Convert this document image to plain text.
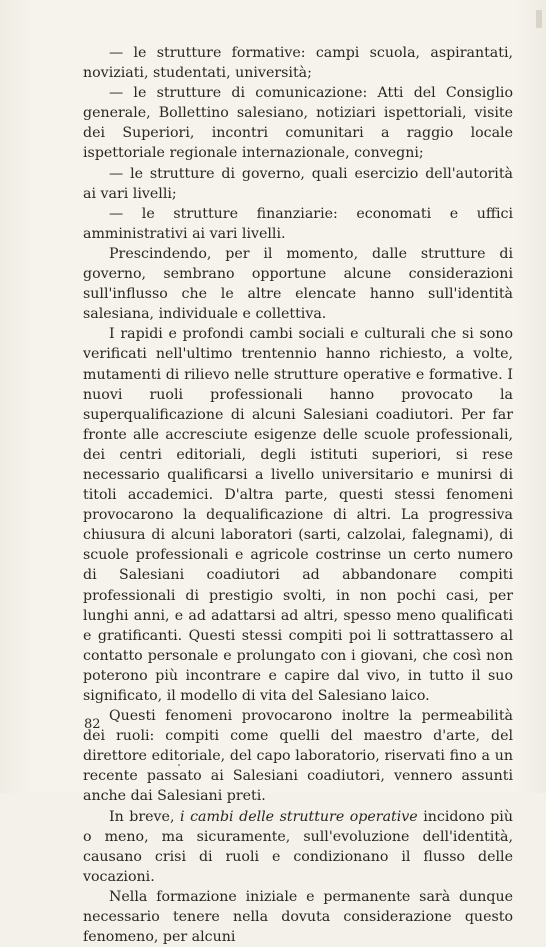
— le strutture formative: campi scuola, aspirantati, noviziati, studentati, università;

— le strutture di comunicazione: Atti del Consiglio generale, Bollettino salesiano, notiziari ispettoriali, visite dei Superiori, incontri comunitari a raggio locale ispettoriale regionale internazionale, convegni;

— le strutture di governo, quali esercizio dell'autorità ai vari livelli;

— le strutture finanziarie: economati e uffici amministrativi ai vari livelli.

Prescindendo, per il momento, dalle strutture di governo, sembrano opportune alcune considerazioni sull'influsso che le altre elencate hanno sull'identità salesiana, individuale e collettiva.

I rapidi e profondi cambi sociali e culturali che si sono verificati nell'ultimo trentennio hanno richiesto, a volte, mutamenti di rilievo nelle strutture operative e formative. I nuovi ruoli professionali hanno provocato la superqualificazione di alcuni Salesiani coadiutori. Per far fronte alle accresciute esigenze delle scuole professionali, dei centri editoriali, degli istituti superiori, si rese necessario qualificarsi a livello universitario e munirsi di titoli accademici. D'altra parte, questi stessi fenomeni provocarono la dequalificazione di altri. La progressiva chiusura di alcuni laboratori (sarti, calzolai, falegnami), di scuole professionali e agricole costrinse un certo numero di Salesiani coadiutori ad abbandonare compiti professionali di prestigio svolti, in non pochi casi, per lunghi anni, e ad adattarsi ad altri, spesso meno qualificati e gratificanti. Questi stessi compiti poi li sottrattassero al contatto personale e prolungato con i giovani, che così non poterono più incontrare e capire dal vivo, in tutto il suo significato, il modello di vita del Salesiano laico.

Questi fenomeni provocarono inoltre la permeabilità dei ruoli: compiti come quelli del maestro d'arte, del direttore editoriale, del capo laboratorio, riservati fino a un recente passato ai Salesiani coadiutori, vennero assunti anche dai Salesiani preti.

In breve, i cambi delle strutture operative incidono più o meno, ma sicuramente, sull'evoluzione dell'identità, causano crisi di ruoli e condizionano il flusso delle vocazioni.

Nella formazione iniziale e permanente sarà dunque necessario tenere nella dovuta considerazione questo fenomeno, per alcuni

82
